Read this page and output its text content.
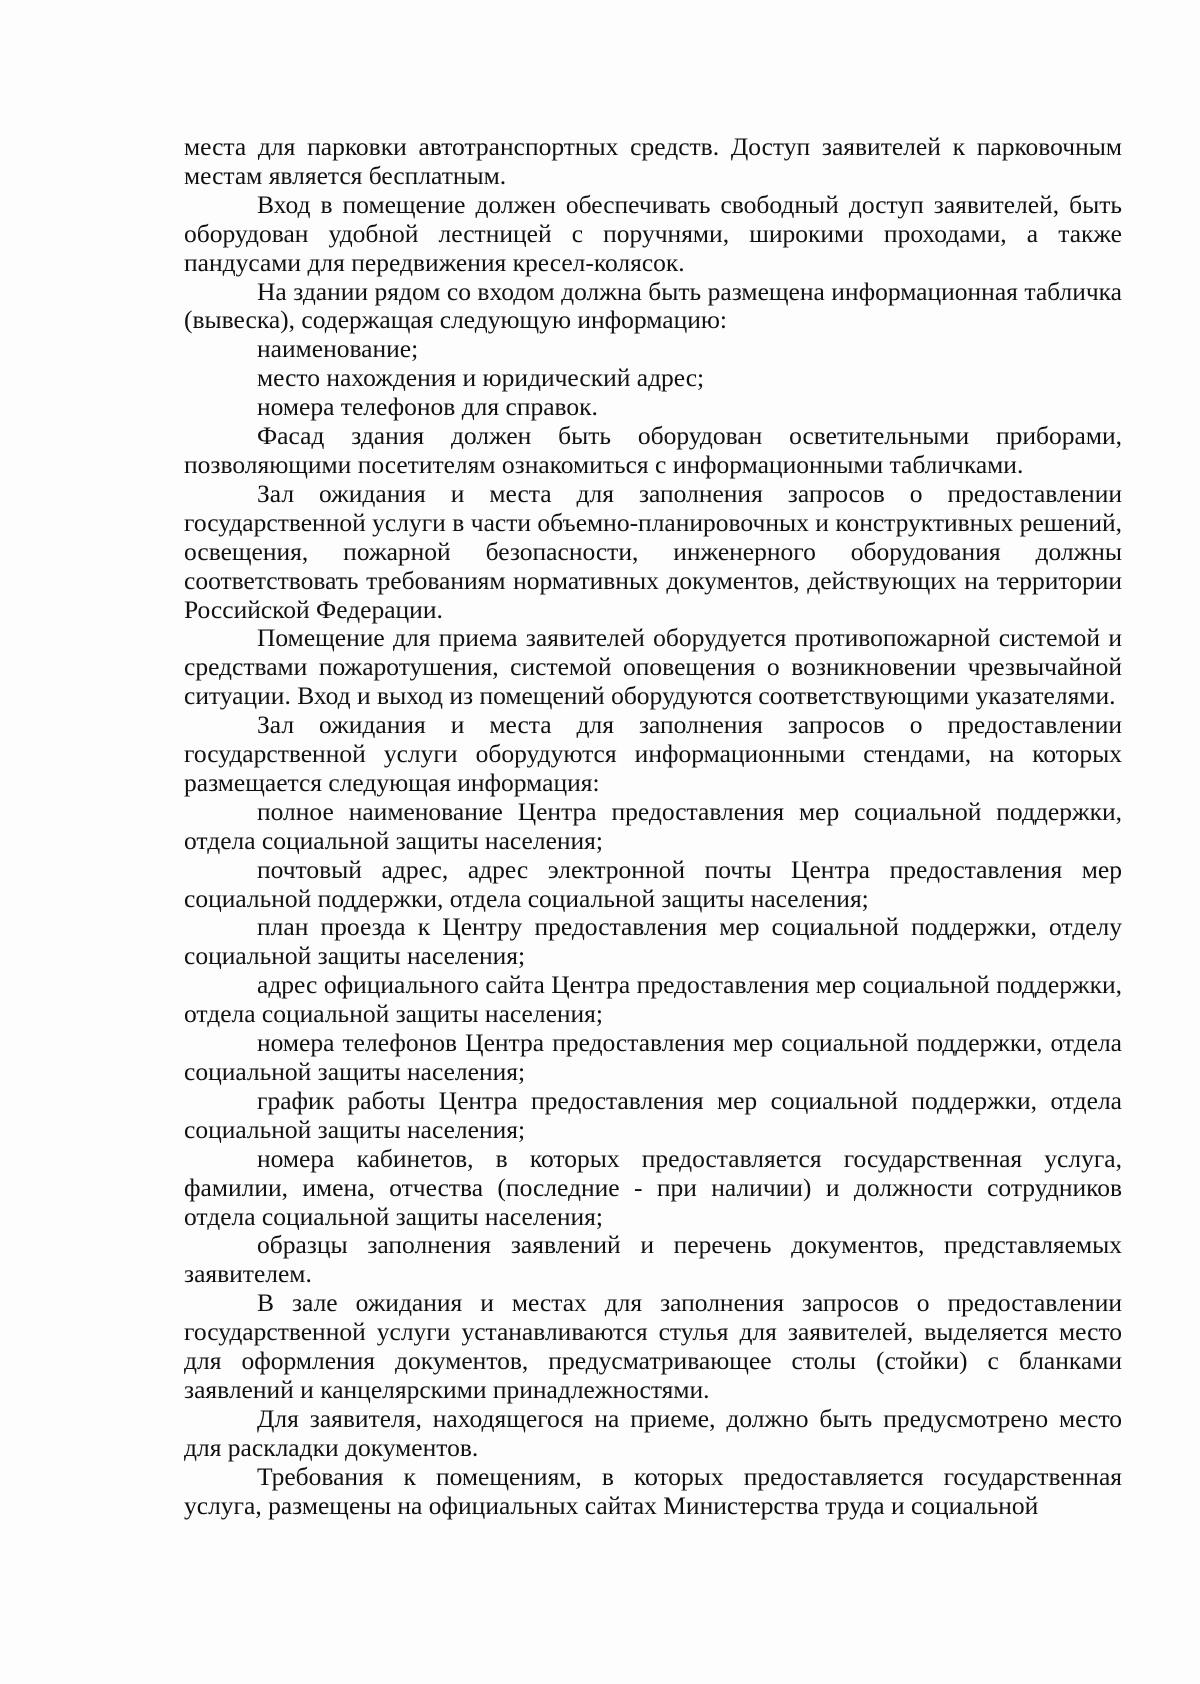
места для парковки автотранспортных средств. Доступ заявителей к парковочным местам является бесплатным.

Вход в помещение должен обеспечивать свободный доступ заявителей, быть оборудован удобной лестницей с поручнями, широкими проходами, а также пандусами для передвижения кресел-колясок.

На здании рядом со входом должна быть размещена информационная табличка (вывеска), содержащая следующую информацию:

наименование;

место нахождения и юридический адрес;

номера телефонов для справок.

Фасад здания должен быть оборудован осветительными приборами, позволяющими посетителям ознакомиться с информационными табличками.

Зал ожидания и места для заполнения запросов о предоставлении государственной услуги в части объемно-планировочных и конструктивных решений, освещения, пожарной безопасности, инженерного оборудования должны соответствовать требованиям нормативных документов, действующих на территории Российской Федерации.

Помещение для приема заявителей оборудуется противопожарной системой и средствами пожаротушения, системой оповещения о возникновении чрезвычайной ситуации. Вход и выход из помещений оборудуются соответствующими указателями.

Зал ожидания и места для заполнения запросов о предоставлении государственной услуги оборудуются информационными стендами, на которых размещается следующая информация:

полное наименование Центра предоставления мер социальной поддержки, отдела социальной защиты населения;

почтовый адрес, адрес электронной почты Центра предоставления мер социальной поддержки, отдела социальной защиты населения;

план проезда к Центру предоставления мер социальной поддержки, отделу социальной защиты населения;

адрес официального сайта Центра предоставления мер социальной поддержки, отдела социальной защиты населения;

номера телефонов Центра предоставления мер социальной поддержки, отдела социальной защиты населения;

график работы Центра предоставления мер социальной поддержки, отдела социальной защиты населения;

номера кабинетов, в которых предоставляется государственная услуга, фамилии, имена, отчества (последние - при наличии) и должности сотрудников отдела социальной защиты населения;

образцы заполнения заявлений и перечень документов, представляемых заявителем.

В зале ожидания и местах для заполнения запросов о предоставлении государственной услуги устанавливаются стулья для заявителей, выделяется место для оформления документов, предусматривающее столы (стойки) с бланками заявлений и канцелярскими принадлежностями.

Для заявителя, находящегося на приеме, должно быть предусмотрено место для раскладки документов.

Требования к помещениям, в которых предоставляется государственная услуга, размещены на официальных сайтах Министерства труда и социальной
